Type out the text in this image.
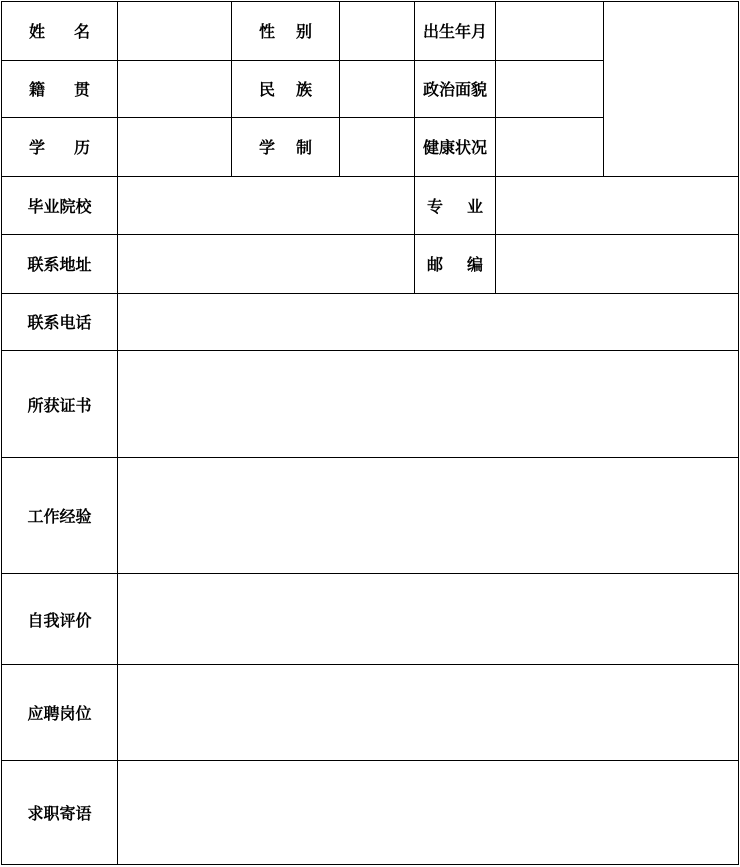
姓名		性别		出生年月		
籍贯		民族		政治面貌		
学历		学制		健康状况		
毕业院校				专业		
联系地址				邮编		
联系电话						
所获证书						
工作经验						
自我评价						
应聘岗位						
求职寄语						
